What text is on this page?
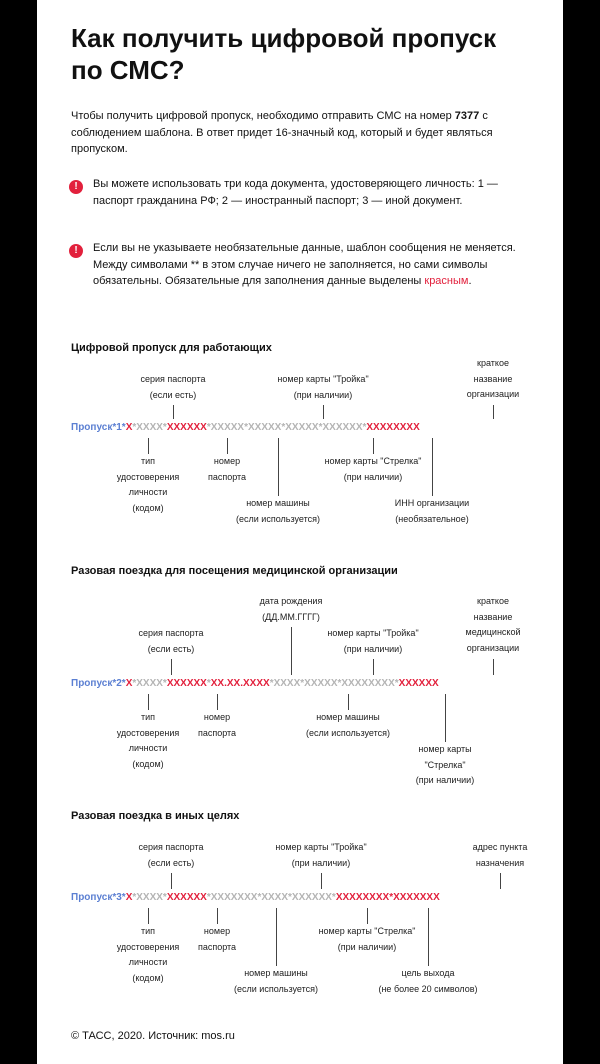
Как получить цифровой пропуск по СМС?
Чтобы получить цифровой пропуск, необходимо отправить СМС на номер 7377 с соблюдением шаблона. В ответ придет 16-значный код, который и будет являться пропуском.
!	Вы можете использовать три кода документа, удостоверяющего личность: 1 — паспорт гражданина РФ; 2 — иностранный паспорт; 3 — иной документ.
!	Если вы не указываете необязательные данные, шаблон сообщения не меняется. Между символами ** в этом случае ничего не заполняется, но сами символы обязательны. Обязательные для заполнения данные выделены красным.
Цифровой пропуск для работающих
серия паспорта
(если есть)
номер карты "Тройка"
(при наличии)
краткое
название
организации
Пропуск*1*X*XXXX*XXXXXX*XXXXX*XXXXX*XXXXX*XXXXXX*XXXXXXXX
тип
удостоверения
личности
(кодом)
номер
паспорта
номер машины
(если используется)
номер карты "Стрелка"
(при наличии)
ИНН организации
(необязательное)
Разовая поездка для посещения медицинской организации
дата рождения
(ДД.ММ.ГГГГ)
краткое
название
медицинской
организации
серия паспорта
(если есть)
номер карты "Тройка"
(при наличии)
Пропуск*2*X*XXXX*XXXXXX*XX.XX.XXXX*XXXX*XXXXX*XXXXXXXX*XXXXXX
тип
удостоверения
личности
(кодом)
номер
паспорта
номер машины
(если используется)
номер карты
"Стрелка"
(при наличии)
Разовая поездка в иных целях
серия паспорта
(если есть)
номер карты "Тройка"
(при наличии)
адрес пункта
назначения
Пропуск*3*X*XXXX*XXXXXX*XXXXXXX*XXXX*XXXXXX*XXXXXXXX*XXXXXXX
тип
удостоверения
личности
(кодом)
номер
паспорта
номер машины
(если используется)
номер карты "Стрелка"
(при наличии)
цель выхода
(не более 20 символов)
© ТАСС, 2020. Источник: mos.ru
